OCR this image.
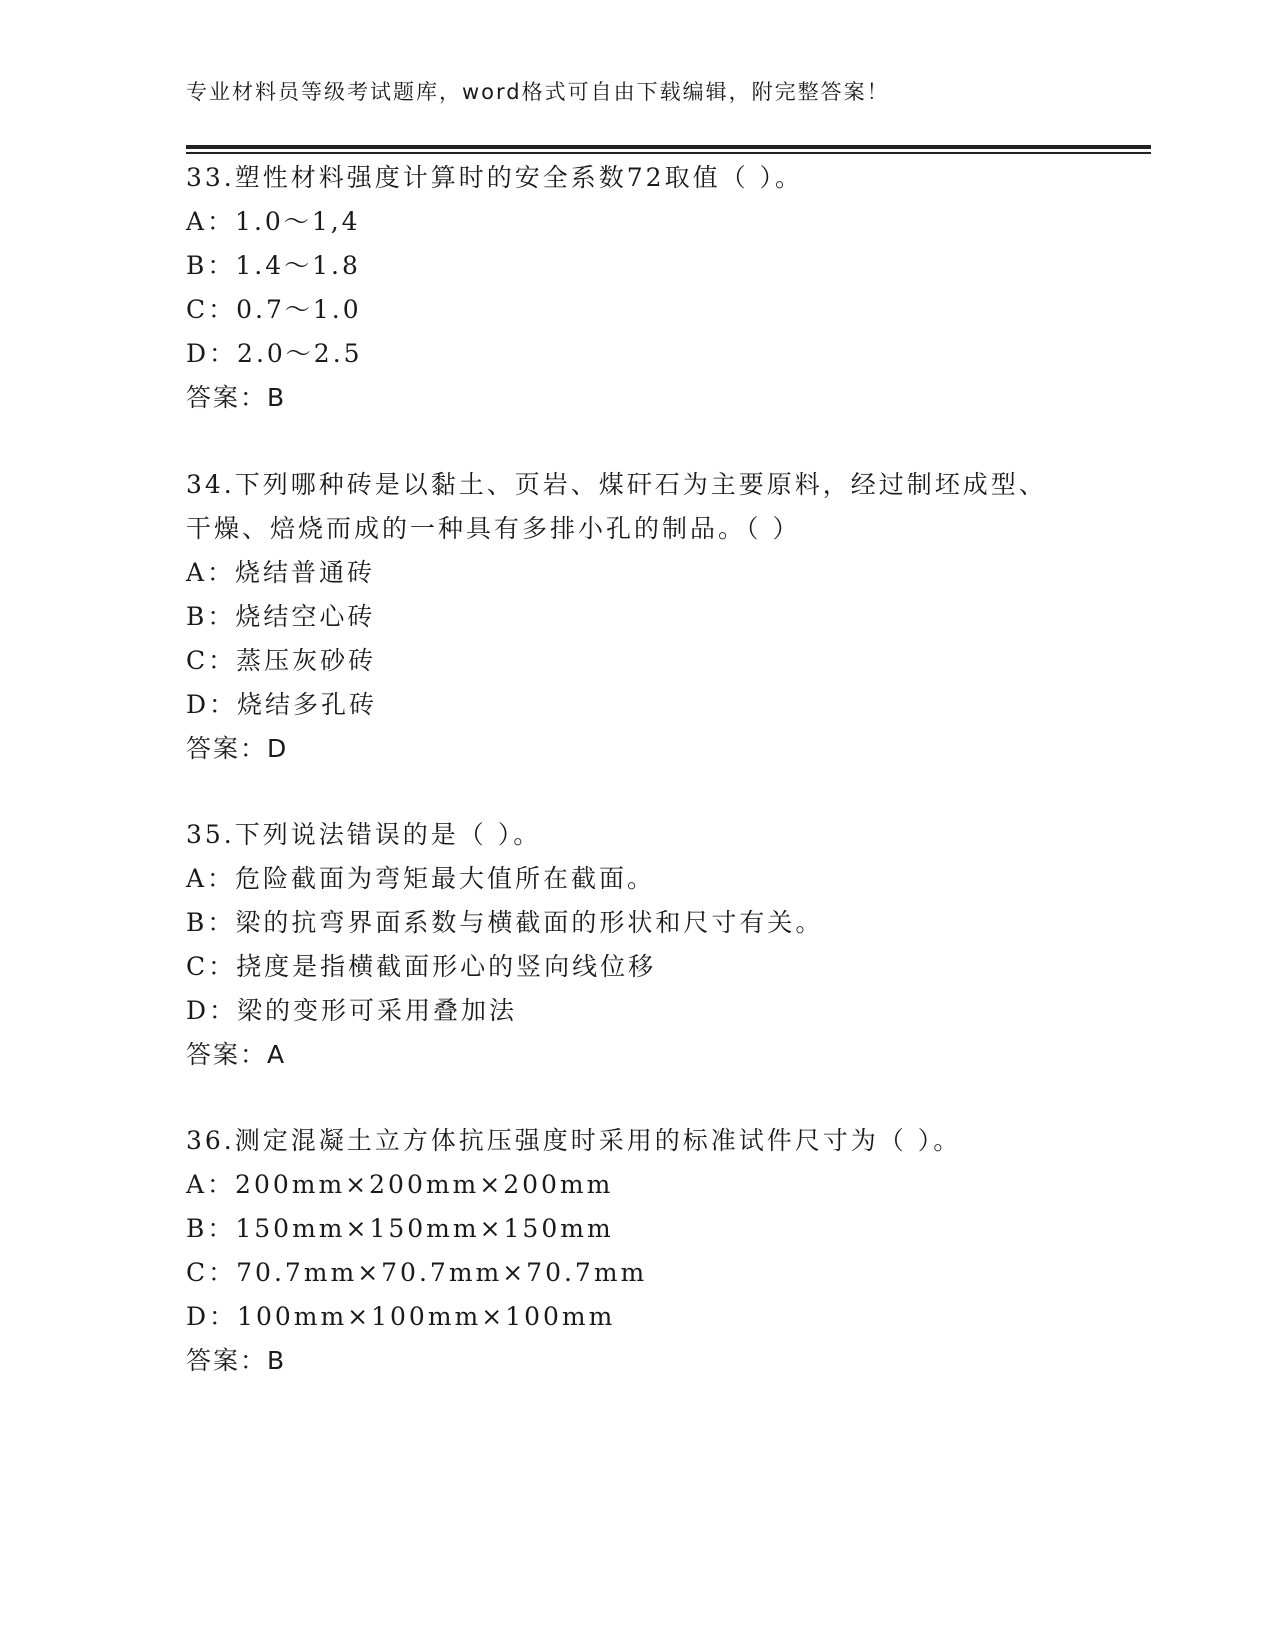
专业材料员等级考试题库，word格式可自由下载编辑，附完整答案！
33.塑性材料强度计算时的安全系数72取值（ ）。
A：1.0～1,4
B：1.4～1.8
C：0.7～1.0
D：2.0～2.5
答案：B
34.下列哪种砖是以黏土、页岩、煤矸石为主要原料，经过制坯成型、
干燥、焙烧而成的一种具有多排小孔的制品。（ ）
A：烧结普通砖
B：烧结空心砖
C：蒸压灰砂砖
D：烧结多孔砖
答案：D
35.下列说法错误的是（ ）。
A：危险截面为弯矩最大值所在截面。
B：梁的抗弯界面系数与横截面的形状和尺寸有关。
C：挠度是指横截面形心的竖向线位移
D：梁的变形可采用叠加法
答案：A
36.测定混凝土立方体抗压强度时采用的标准试件尺寸为（ ）。
A：200mm×200mm×200mm
B：150mm×150mm×150mm
C：70.7mm×70.7mm×70.7mm
D：100mm×100mm×100mm
答案：B
